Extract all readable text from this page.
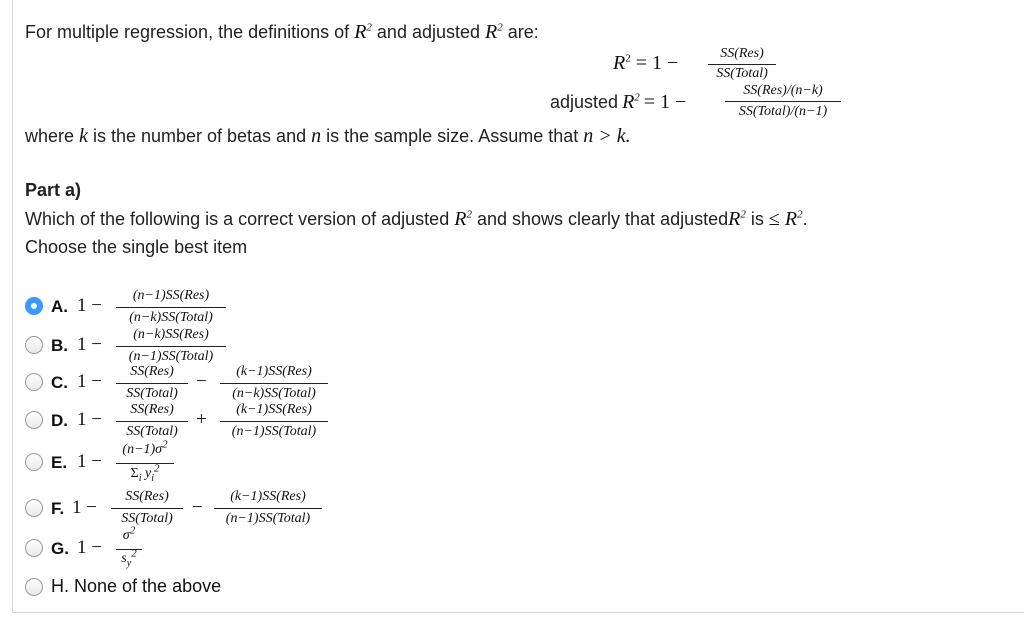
For multiple regression, the definitions of $R^2$ and adjusted $R^2$ are:
$R^2 = 1$ −	SS(Res)
SS(Total)
adjusted $R^2 = 1$ −
SS(Res)/(n−k)
SS(Total)/(n−1)
where k is the number of betas and n is the sample size. Assume that n > k.
Part a)
Which of the following is a correct version of adjusted $R^2$ and shows clearly that adjustedR$^2$ is ≤ $R^2$.
Choose the single best item
A. 1 −	(n−1)SS(Res)
(n−k)SS(Total)
B. 1 −	(n−k)SS(Res)
(n−1)SS(Total)
C. 1 −	SS(Res)
SS(Total)
−	(k−1)SS(Res)
(n−k)SS(Total)
D. 1 −	SS(Res)
SS(Total)
+	(k−1)SS(Res)
(n−1)SS(Total)
E. 1 −
$(n-1)\sigma^2$
$\Sigma_i$ $y_i^2$
F. 1 −
SS(Res)
SS(Total)
−
(k−1)SS(Res)
(n−1)SS(Total)
G. 1 −
$\sigma^2$
$s_y^2$
H. None of the above
